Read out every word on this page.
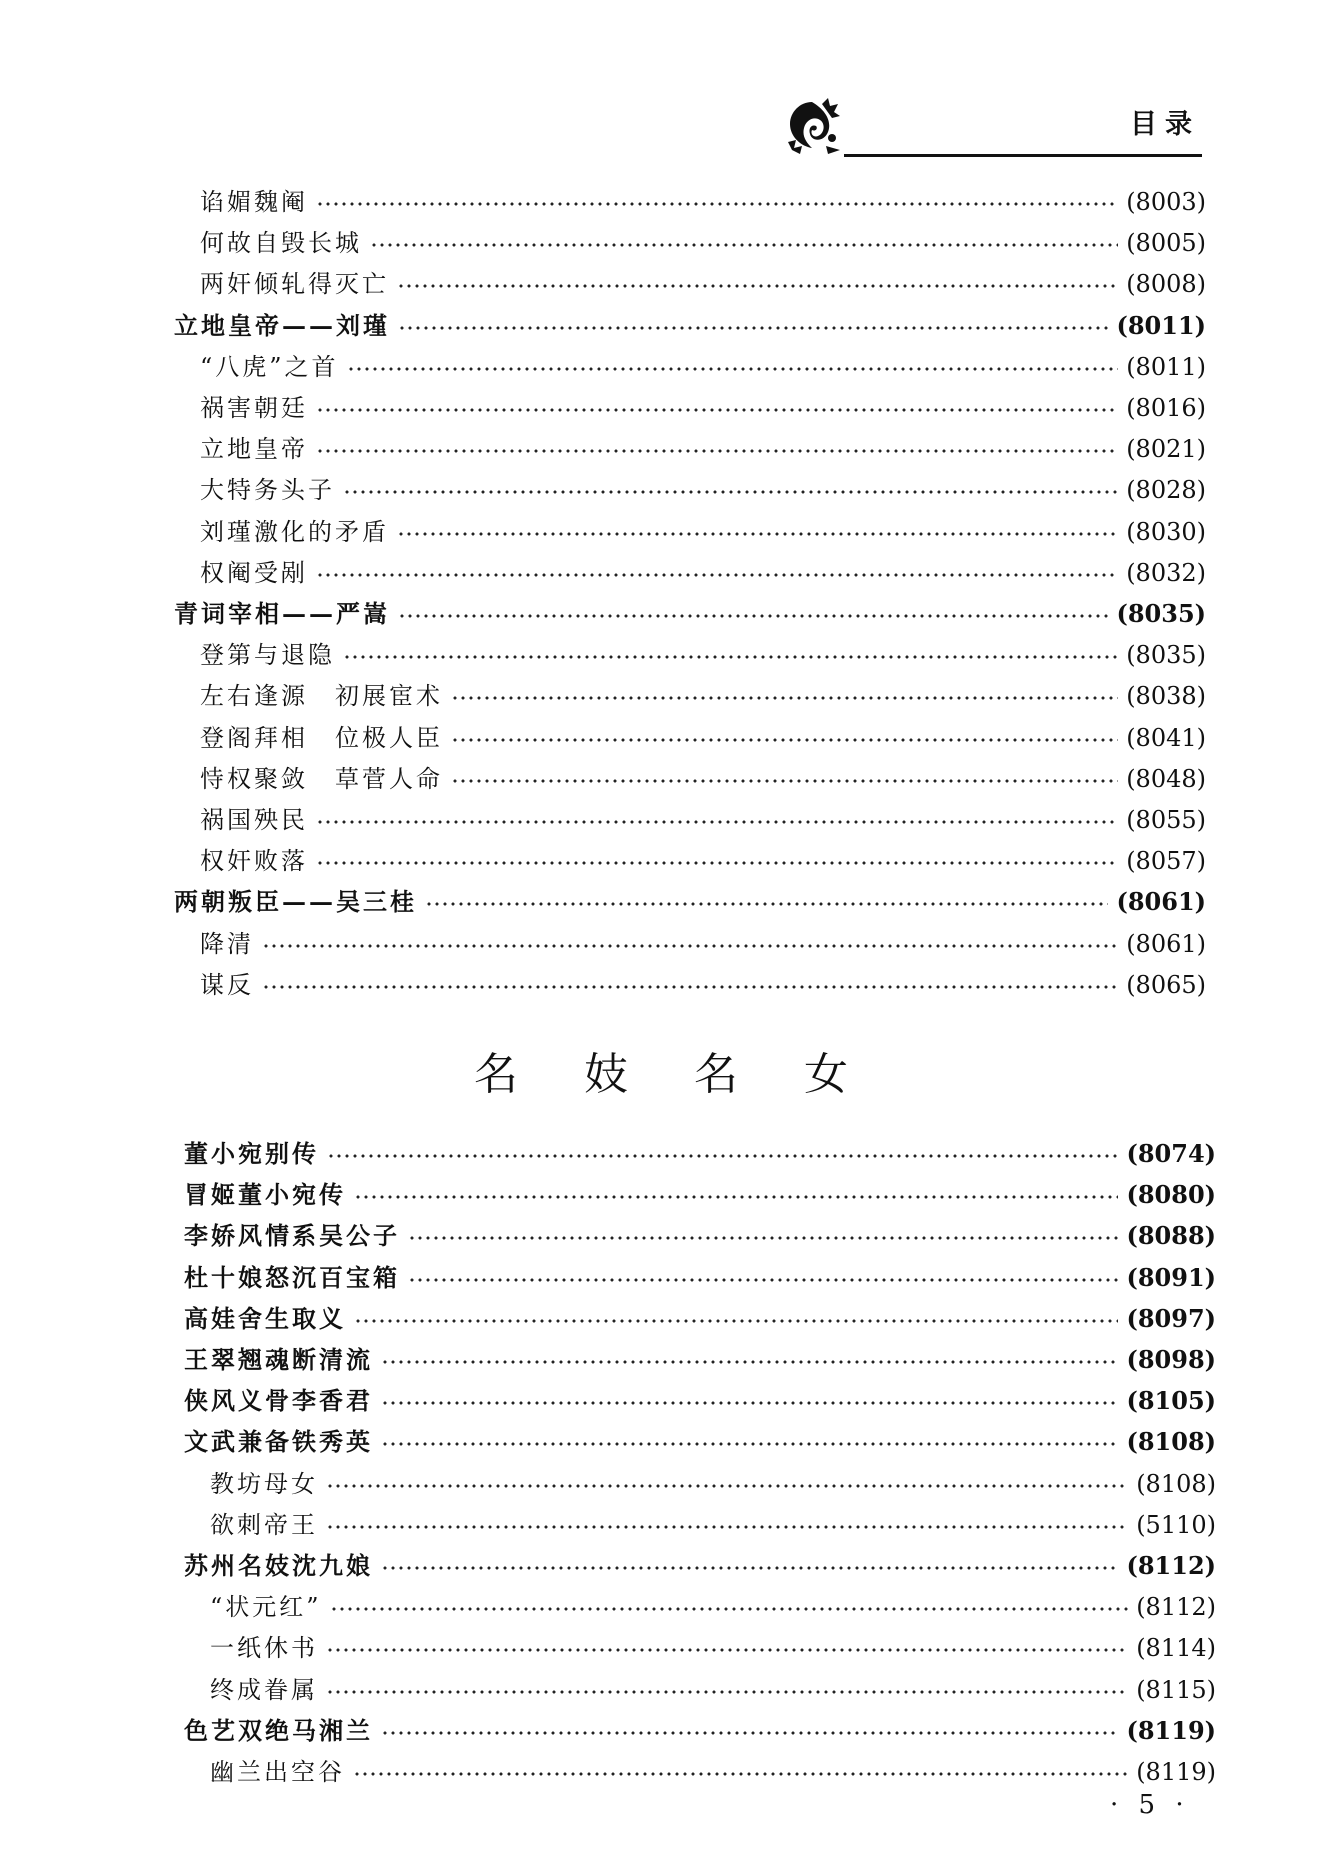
目录
谄媚魏阉	(8003)
何故自毁长城	(8005)
两奸倾轧得灭亡	(8008)
立地皇帝——刘瑾	(8011)
“八虎”之首	(8011)
祸害朝廷	(8016)
立地皇帝	(8021)
大特务头子	(8028)
刘瑾激化的矛盾	(8030)
权阉受剐	(8032)
青词宰相——严嵩	(8035)
登第与退隐	(8035)
左右逢源　初展宦术	(8038)
登阁拜相　位极人臣	(8041)
恃权聚敛　草菅人命	(8048)
祸国殃民	(8055)
权奸败落	(8057)
两朝叛臣——吴三桂	(8061)
降清	(8061)
谋反	(8065)
名妓名女
董小宛别传	(8074)
冒姬董小宛传	(8080)
李娇风情系吴公子	(8088)
杜十娘怒沉百宝箱	(8091)
高娃舍生取义	(8097)
王翠翘魂断清流	(8098)
侠风义骨李香君	(8105)
文武兼备铁秀英	(8108)
教坊母女	(8108)
欲刺帝王	(5110)
苏州名妓沈九娘	(8112)
“状元红”	(8112)
一纸休书	(8114)
终成眷属	(8115)
色艺双绝马湘兰	(8119)
幽兰出空谷	(8119)
· 5 ·
